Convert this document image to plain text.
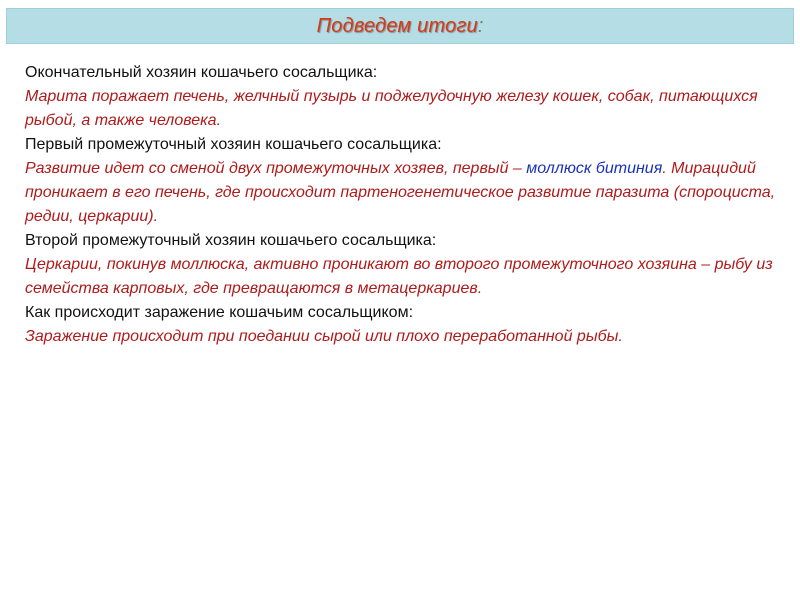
Подведем итоги :
Окончательный хозяин кошачьего сосальщика:
Марита поражает печень, желчный пузырь и поджелудочную железу кошек, собак, питающихся рыбой, а также человека.
Первый промежуточный хозяин кошачьего сосальщика:
Развитие идет со сменой двух промежуточных хозяев, первый – моллюск битиния. Мирацидий проникает в его печень, где происходит партеногенетическое развитие паразита (спороциста, редии, церкарии).
Второй промежуточный хозяин кошачьего сосальщика:
Церкарии, покинув моллюска, активно проникают во второго промежуточного хозяина – рыбу из семейства карповых, где превращаются в метацеркариев.
Как происходит заражение кошачьим сосальщиком:
Заражение происходит при поедании сырой или плохо переработанной рыбы.
